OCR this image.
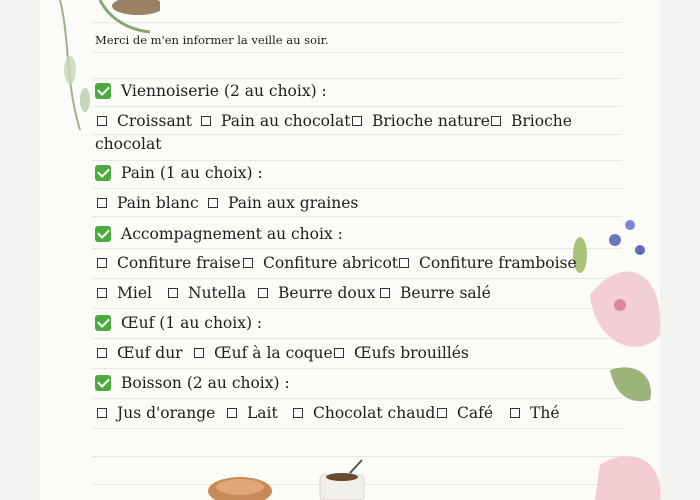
Merci de m'en informer la veille au soir.
Viennoiserie (2 au choix) :
Croissant Pain au chocolat Brioche nature Brioche
chocolat
Pain (1 au choix) :
Pain blanc Pain aux graines
Accompagnement au choix :
Confiture fraise Confiture abricot Confiture framboise
Miel Nutella Beurre doux Beurre salé
Œuf (1 au choix) :
Œuf dur Œuf à la coque Œufs brouillés
Boisson (2 au choix) :
Jus d'orange Lait Chocolat chaud Café Thé
